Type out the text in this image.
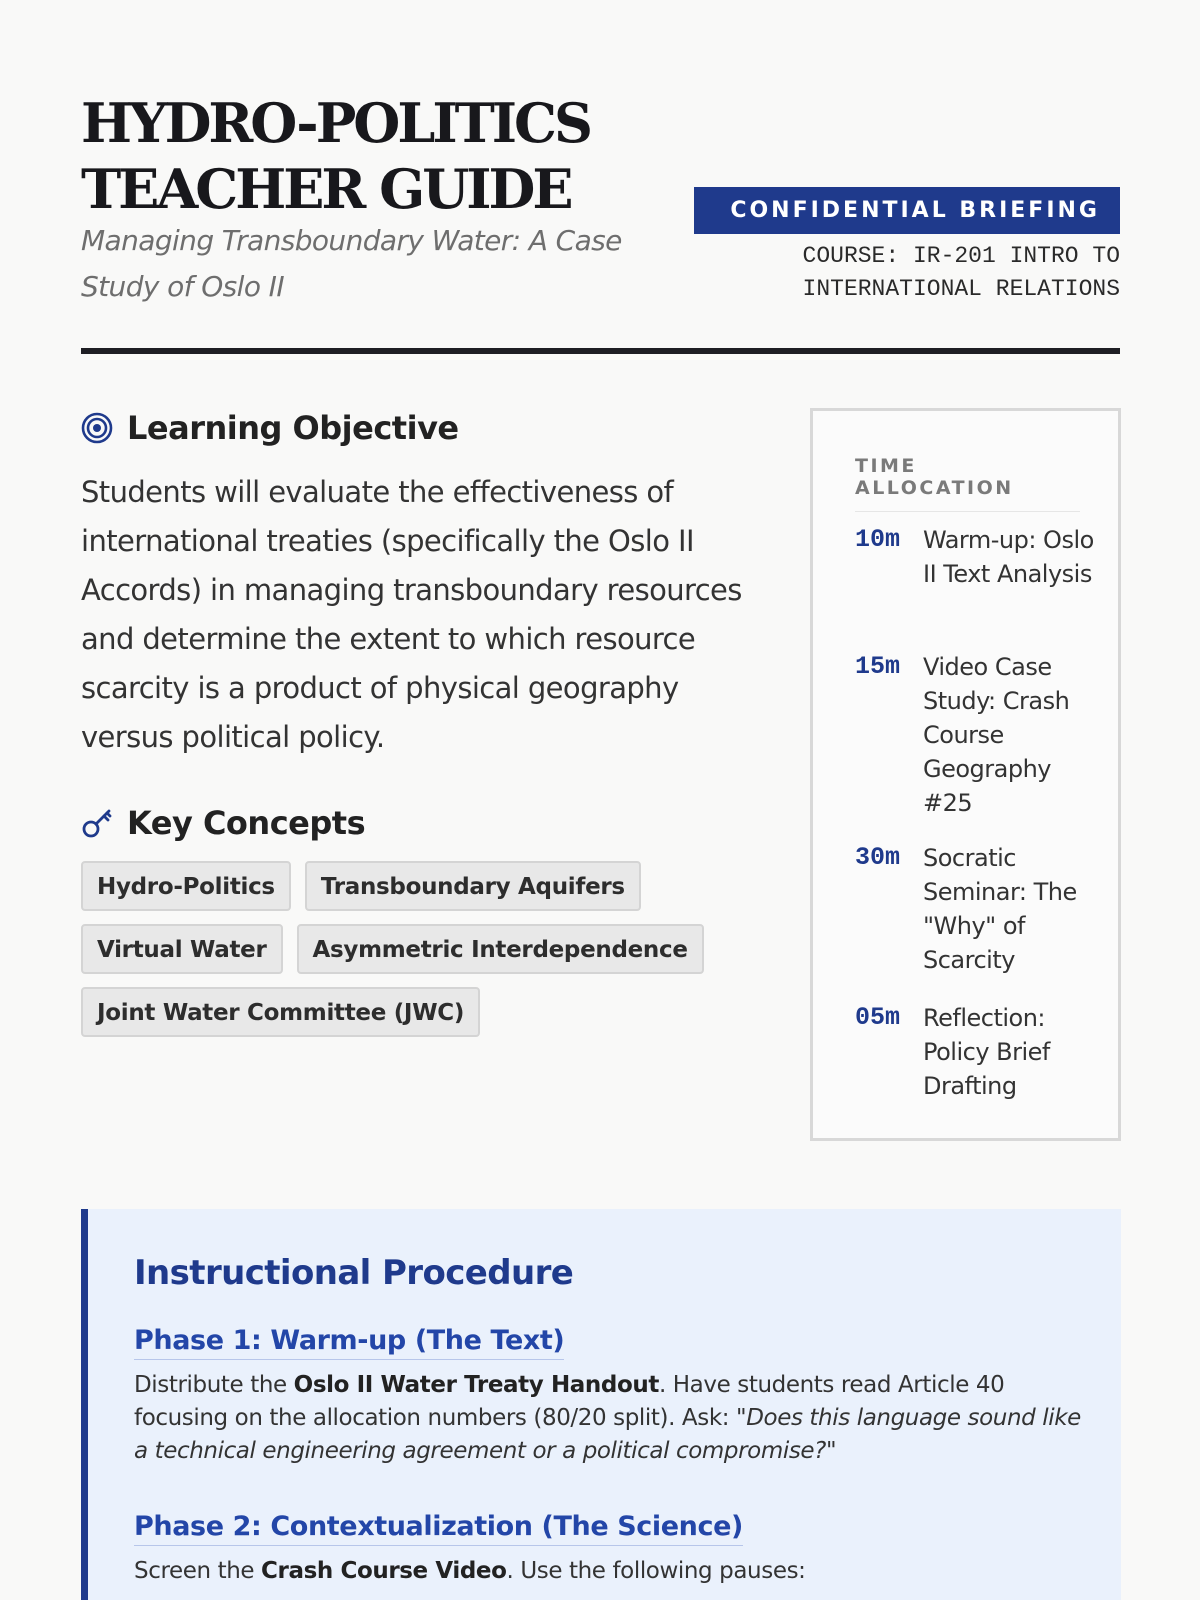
HYDRO-POLITICS
TEACHER GUIDE
Managing Transboundary Water: A Case Study of Oslo II
CONFIDENTIAL BRIEFING
COURSE: IR-201 INTRO TO
INTERNATIONAL RELATIONS
Learning Objective
Students will evaluate the effectiveness of international treaties (specifically the Oslo II Accords) in managing transboundary resources and determine the extent to which resource scarcity is a product of physical geography versus political policy.
Key Concepts
Hydro-Politics	Transboundary Aquifers
Virtual Water	Asymmetric Interdependence
Joint Water Committee (JWC)
TIME ALLOCATION
10m Warm-up: Oslo II Text Analysis
15m Video Case Study: Crash Course Geography #25
30m Socratic Seminar: The "Why" of Scarcity
05m Reflection: Policy Brief Drafting
Instructional Procedure
Phase 1: Warm-up (The Text)
Distribute the Oslo II Water Treaty Handout. Have students read Article 40 focusing on the allocation numbers (80/20 split). Ask: "Does this language sound like a technical engineering agreement or a political compromise?"
Phase 2: Contextualization (The Science)
Screen the Crash Course Video. Use the following pauses:
